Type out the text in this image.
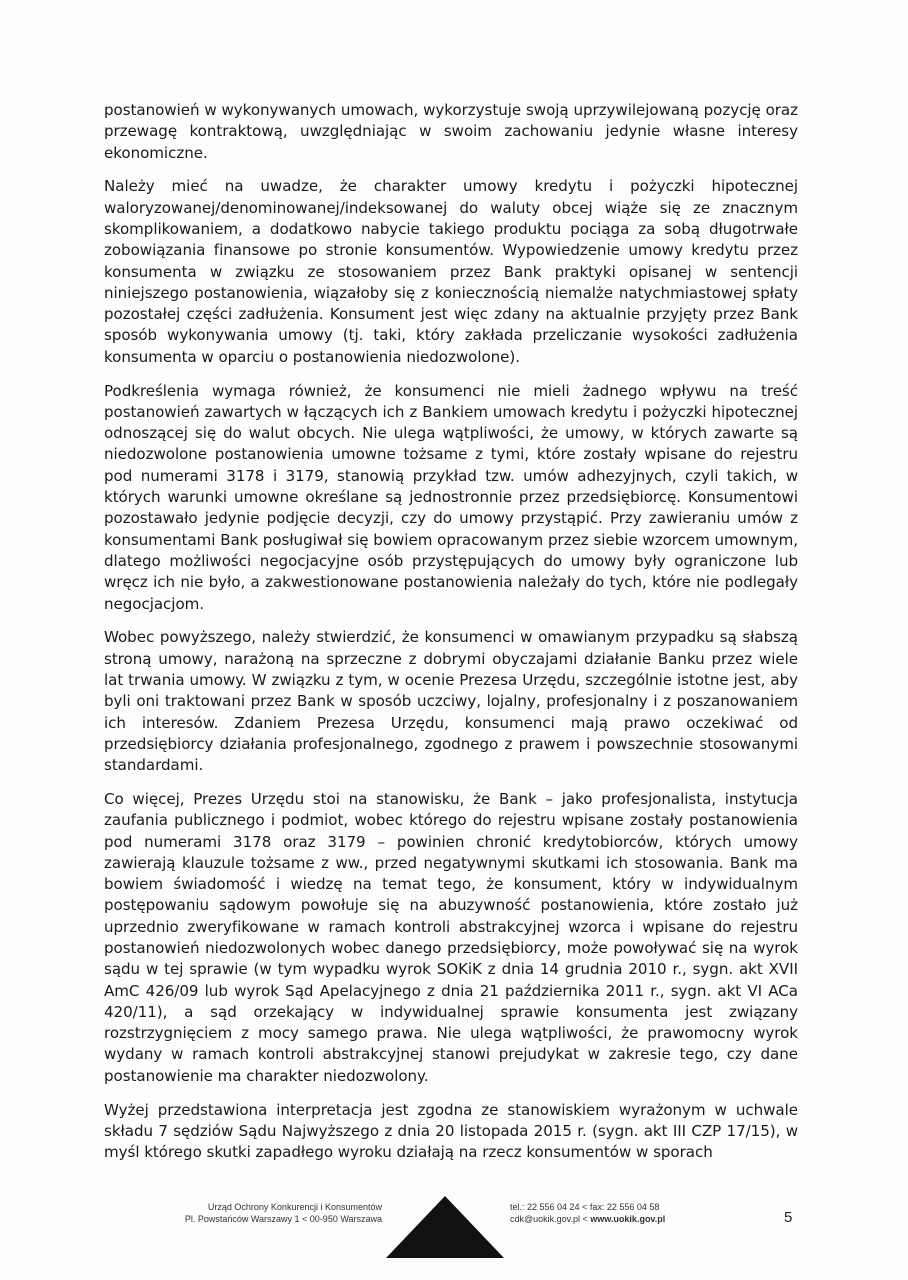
postanowień w wykonywanych umowach, wykorzystuje swoją uprzywilejowaną pozycję oraz przewagę kontraktową, uwzględniając w swoim zachowaniu jedynie własne interesy ekonomiczne.

Należy mieć na uwadze, że charakter umowy kredytu i pożyczki hipotecznej waloryzowanej/denominowanej/indeksowanej do waluty obcej wiąże się ze znacznym skomplikowaniem, a dodatkowo nabycie takiego produktu pociąga za sobą długotrwałe zobowiązania finansowe po stronie konsumentów. Wypowiedzenie umowy kredytu przez konsumenta w związku ze stosowaniem przez Bank praktyki opisanej w sentencji niniejszego postanowienia, wiązałoby się z koniecznością niemalże natychmiastowej spłaty pozostałej części zadłużenia. Konsument jest więc zdany na aktualnie przyjęty przez Bank sposób wykonywania umowy (tj. taki, który zakłada przeliczanie wysokości zadłużenia konsumenta w oparciu o postanowienia niedozwolone).

Podkreślenia wymaga również, że konsumenci nie mieli żadnego wpływu na treść postanowień zawartych w łączących ich z Bankiem umowach kredytu i pożyczki hipotecznej odnoszącej się do walut obcych. Nie ulega wątpliwości, że umowy, w których zawarte są niedozwolone postanowienia umowne tożsame z tymi, które zostały wpisane do rejestru pod numerami 3178 i 3179, stanowią przykład tzw. umów adhezyjnych, czyli takich, w których warunki umowne określane są jednostronnie przez przedsiębiorcę. Konsumentowi pozostawało jedynie podjęcie decyzji, czy do umowy przystąpić. Przy zawieraniu umów z konsumentami Bank posługiwał się bowiem opracowanym przez siebie wzorcem umownym, dlatego możliwości negocjacyjne osób przystępujących do umowy były ograniczone lub wręcz ich nie było, a zakwestionowane postanowienia należały do tych, które nie podlegały negocjacjom.

Wobec powyższego, należy stwierdzić, że konsumenci w omawianym przypadku są słabszą stroną umowy, narażoną na sprzeczne z dobrymi obyczajami działanie Banku przez wiele lat trwania umowy. W związku z tym, w ocenie Prezesa Urzędu, szczególnie istotne jest, aby byli oni traktowani przez Bank w sposób uczciwy, lojalny, profesjonalny i z poszanowaniem ich interesów. Zdaniem Prezesa Urzędu, konsumenci mają prawo oczekiwać od przedsiębiorcy działania profesjonalnego, zgodnego z prawem i powszechnie stosowanymi standardami.

Co więcej, Prezes Urzędu stoi na stanowisku, że Bank – jako profesjonalista, instytucja zaufania publicznego i podmiot, wobec którego do rejestru wpisane zostały postanowienia pod numerami 3178 oraz 3179 – powinien chronić kredytobiorców, których umowy zawierają klauzule tożsame z ww., przed negatywnymi skutkami ich stosowania. Bank ma bowiem świadomość i wiedzę na temat tego, że konsument, który w indywidualnym postępowaniu sądowym powołuje się na abuzywność postanowienia, które zostało już uprzednio zweryfikowane w ramach kontroli abstrakcyjnej wzorca i wpisane do rejestru postanowień niedozwolonych wobec danego przedsiębiorcy, może powoływać się na wyrok sądu w tej sprawie (w tym wypadku wyrok SOKiK z dnia 14 grudnia 2010 r., sygn. akt XVII AmC 426/09 lub wyrok Sąd Apelacyjnego z dnia 21 października 2011 r., sygn. akt VI ACa 420/11), a sąd orzekający w indywidualnej sprawie konsumenta jest związany rozstrzygnięciem z mocy samego prawa. Nie ulega wątpliwości, że prawomocny wyrok wydany w ramach kontroli abstrakcyjnej stanowi prejudykat w zakresie tego, czy dane postanowienie ma charakter niedozwolony.

Wyżej przedstawiona interpretacja jest zgodna ze stanowiskiem wyrażonym w uchwale składu 7 sędziów Sądu Najwyższego z dnia 20 listopada 2015 r. (sygn. akt III CZP 17/15), w myśl którego skutki zapadłego wyroku działają na rzecz konsumentów w sporach

Urząd Ochrony Konkurencji i Konsumentów
Pl. Powstańców Warszawy 1 < 00-950 Warszawa
tel.: 22 556 04 24 < fax: 22 556 04 58
cdk@uokik.gov.pl < www.uokik.gov.pl	5
